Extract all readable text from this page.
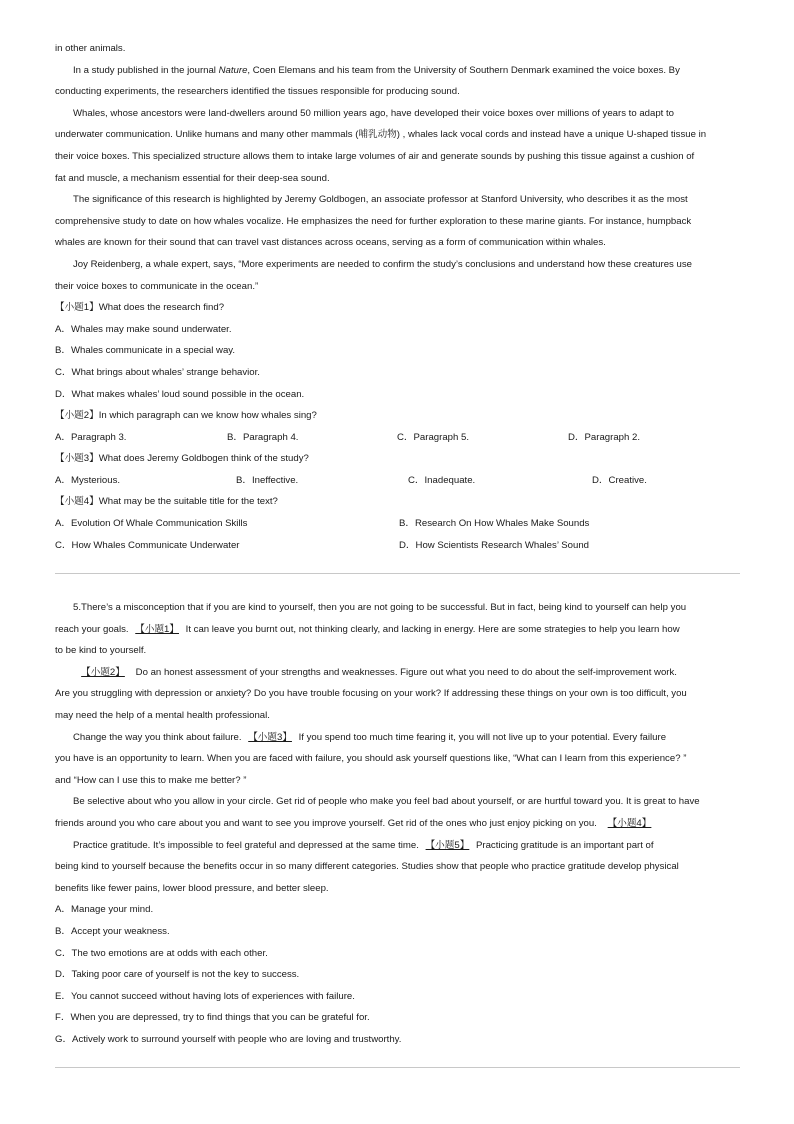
in other animals.
In a study published in the journal Nature, Coen Elemans and his team from the University of Southern Denmark examined the voice boxes. By
conducting experiments, the researchers identified the tissues responsible for producing sound.
Whales, whose ancestors were land-dwellers around 50 million years ago, have developed their voice boxes over millions of years to adapt to
underwater communication. Unlike humans and many other mammals (哺乳动物) , whales lack vocal cords and instead have a unique U-shaped tissue in
their voice boxes. This specialized structure allows them to intake large volumes of air and generate sounds by pushing this tissue against a cushion of
fat and muscle, a mechanism essential for their deep-sea sound.
The significance of this research is highlighted by Jeremy Goldbogen, an associate professor at Stanford University, who describes it as the most
comprehensive study to date on how whales vocalize. He emphasizes the need for further exploration to these marine giants. For instance, humpback
whales are known for their sound that can travel vast distances across oceans, serving as a form of communication within whales.
Joy Reidenberg, a whale expert, says, “More experiments are needed to confirm the study’s conclusions and understand how these creatures use
their voice boxes to communicate in the ocean.”
【小题1】What does the research find?
A．Whales may make sound underwater.
B．Whales communicate in a special way.
C．What brings about whales’ strange behavior.
D．What makes whales’ loud sound possible in the ocean.
【小题2】In which paragraph can we know how whales sing?
A．Paragraph 3.	B．Paragraph 4.	C．Paragraph 5.	D．Paragraph 2.
【小题3】What does Jeremy Goldbogen think of the study?
A．Mysterious.	B．Ineffective.	C．Inadequate.	D．Creative.
【小题4】What may be the suitable title for the text?
A．Evolution Of Whale Communication Skills	B．Research On How Whales Make Sounds
C．How Whales Communicate Underwater	D．How Scientists Research Whales’ Sound
5.There’s a misconception that if you are kind to yourself, then you are not going to be successful. But in fact, being kind to yourself can help you
reach your goals. 【小题1】 It can leave you burnt out, not thinking clearly, and lacking in energy. Here are some strategies to help you learn how
to be kind to yourself.
【小题2】 Do an honest assessment of your strengths and weaknesses. Figure out what you need to do about the self-improvement work.
Are you struggling with depression or anxiety? Do you have trouble focusing on your work? If addressing these things on your own is too difficult, you
may need the help of a mental health professional.
Change the way you think about failure. 【小题3】 If you spend too much time fearing it, you will not live up to your potential. Every failure
you have is an opportunity to learn. When you are faced with failure, you should ask yourself questions like, “What can I learn from this experience? ”
and “How can I use this to make me better? ”
Be selective about who you allow in your circle. Get rid of people who make you feel bad about yourself, or are hurtful toward you. It is great to have
friends around you who care about you and want to see you improve yourself. Get rid of the ones who just enjoy picking on you. 【小题4】
Practice gratitude. It’s impossible to feel grateful and depressed at the same time. 【小题5】 Practicing gratitude is an important part of
being kind to yourself because the benefits occur in so many different categories. Studies show that people who practice gratitude develop physical
benefits like fewer pains, lower blood pressure, and better sleep.
A．Manage your mind.
B．Accept your weakness.
C．The two emotions are at odds with each other.
D．Taking poor care of yourself is not the key to success.
E．You cannot succeed without having lots of experiences with failure.
F．When you are depressed, try to find things that you can be grateful for.
G．Actively work to surround yourself with people who are loving and trustworthy.
